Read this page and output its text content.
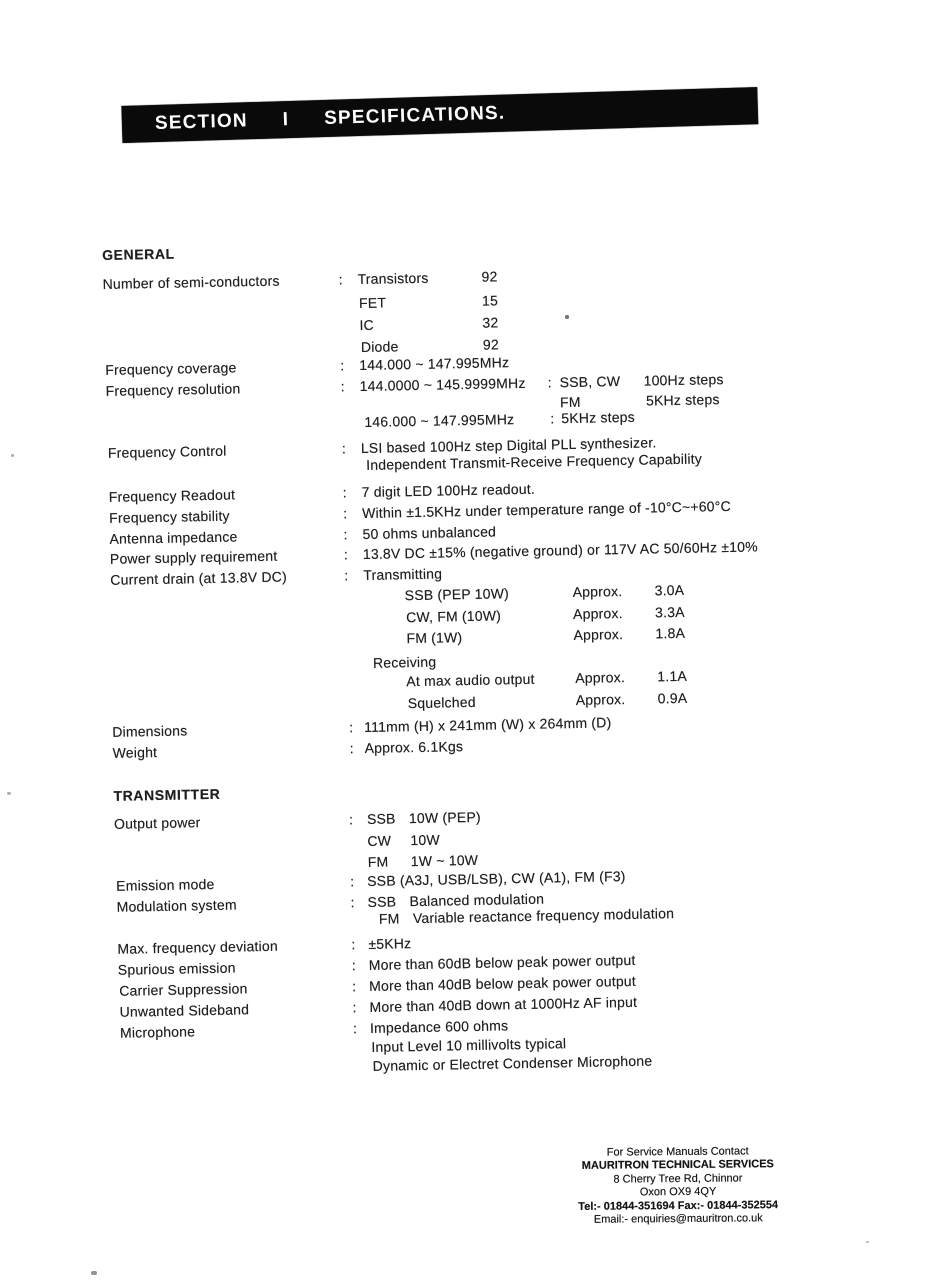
SECTION  I  SPECIFICATIONS.
GENERAL
Number of semi-conductors	: Transistors	92
FET	15
IC	32
Diode	92
Frequency coverage	: 144.000 ~ 147.995MHz
Frequency resolution	: 144.0000 ~ 145.9999MHz : SSB, CW 100Hz steps
FM	5KHz steps
146.000 ~ 147.995MHz	: 5KHz steps
Frequency Control	: LSI based 100Hz step Digital PLL synthesizer.
Independent Transmit-Receive Frequency Capability
Frequency Readout	: 7 digit LED 100Hz readout.
Frequency stability	: Within ±1.5KHz under temperature range of -10°C~+60°C
Antenna impedance	: 50 ohms unbalanced
Power supply requirement	: 13.8V DC ±15% (negative ground) or 117V AC 50/60Hz ±10%
Current drain (at 13.8V DC)	: Transmitting
SSB (PEP 10W)	Approx. 3.0A
CW, FM (10W)	Approx. 3.3A
FM (1W)	Approx. 1.8A
Receiving
At max audio output	Approx. 1.1A
Squelched	Approx. 0.9A
Dimensions	: 111mm (H) x 241mm (W) x 264mm (D)
Weight	: Approx. 6.1Kgs
TRANSMITTER
Output power	: SSB 10W (PEP)
CW 10W
FM 1W ~ 10W
Emission mode	: SSB (A3J, USB/LSB), CW (A1), FM (F3)
Modulation system	: SSB Balanced modulation
FM Variable reactance frequency modulation
Max. frequency deviation	: ±5KHz
Spurious emission	: More than 60dB below peak power output
Carrier Suppression	: More than 40dB below peak power output
Unwanted Sideband	: More than 40dB down at 1000Hz AF input
Microphone	: Impedance 600 ohms
Input Level 10 millivolts typical
Dynamic or Electret Condenser Microphone
For Service Manuals Contact
MAURITRON TECHNICAL SERVICES
8 Cherry Tree Rd, Chinnor
Oxon OX9 4QY
Tel:- 01844-351694 Fax:- 01844-352554
Email:- enquiries@mauritron.co.uk
